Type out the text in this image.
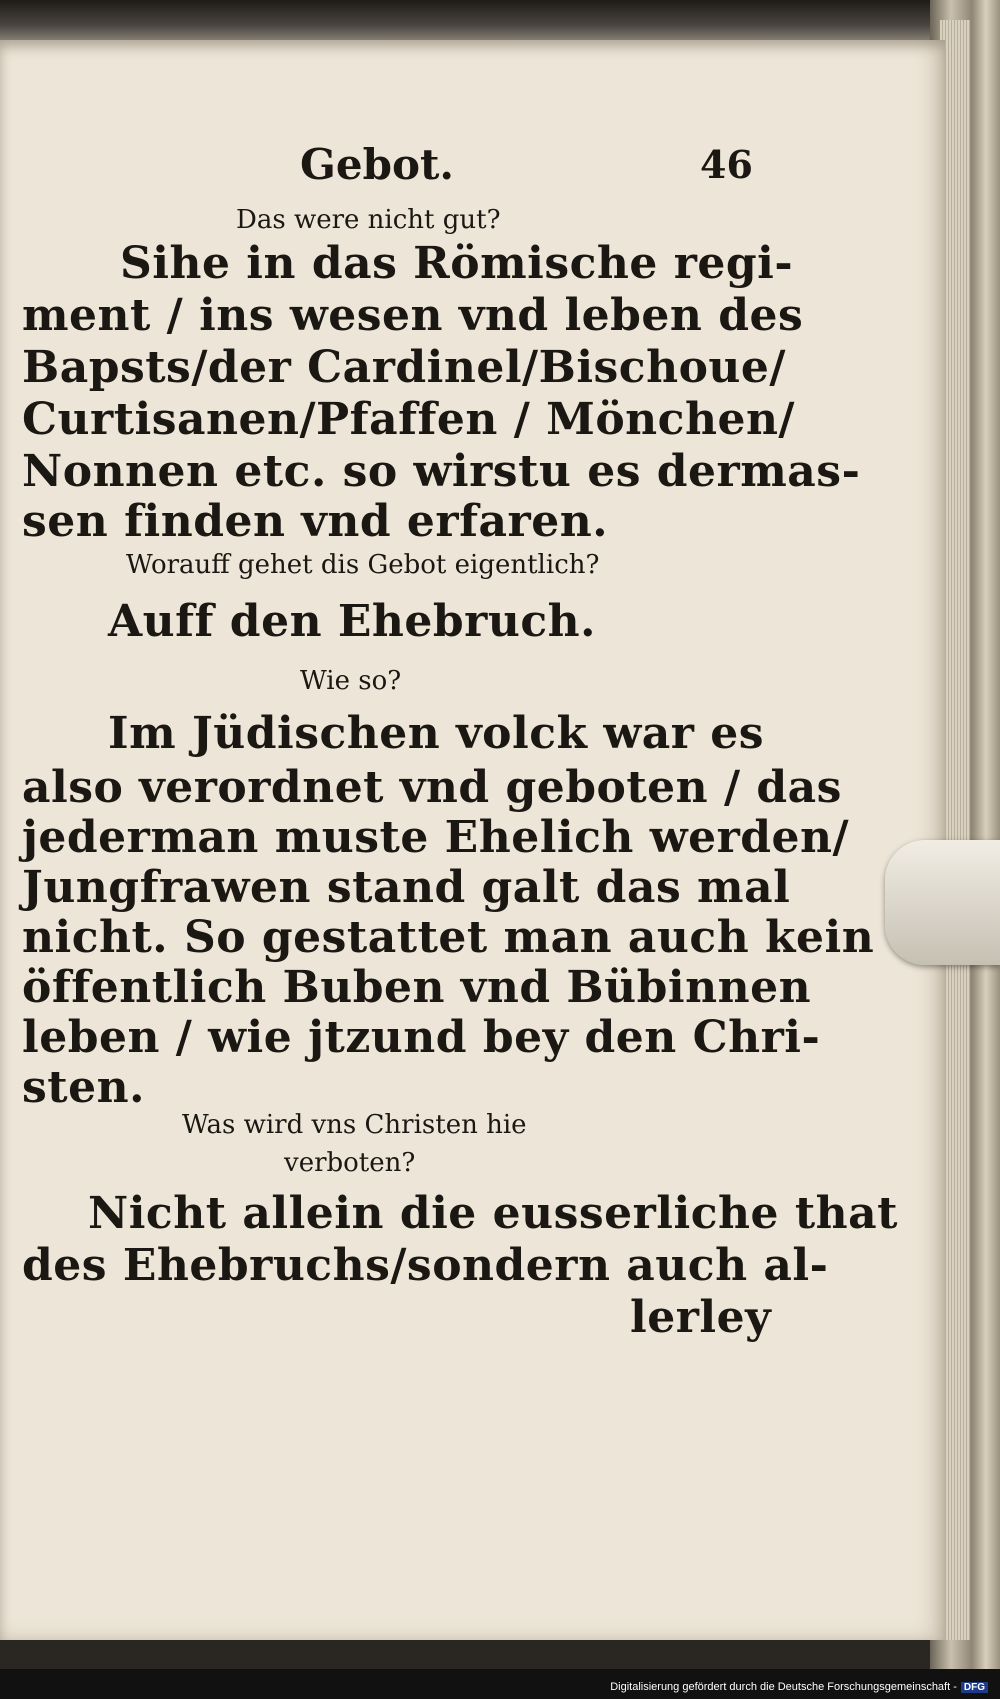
Gebot.	46
Das were nicht gut?
Sihe in das Römische regi-
ment / ins wesen vnd leben des
Bapsts/der Cardinel/Bischoue/
Curtisanen/Pfaffen / Mönchen/
Nonnen etc. so wirstu es dermas-
sen finden vnd erfaren.
Worauff gehet dis Gebot eigentlich?
Auff den Ehebruch.
Wie so?
Im Jüdischen volck war es
also verordnet vnd geboten / das
jederman muste Ehelich werden/
Jungfrawen stand galt das mal
nicht. So gestattet man auch kein
öffentlich Buben vnd Bübinnen
leben / wie jtzund bey den Chri-
sten.
Was wird vns Christen hie
verboten?
Nicht allein die eusserliche that
des Ehebruchs/sondern auch al-
lerley
Digitalisierung gefördert durch die Deutsche Forschungsgemeinschaft - DFG
